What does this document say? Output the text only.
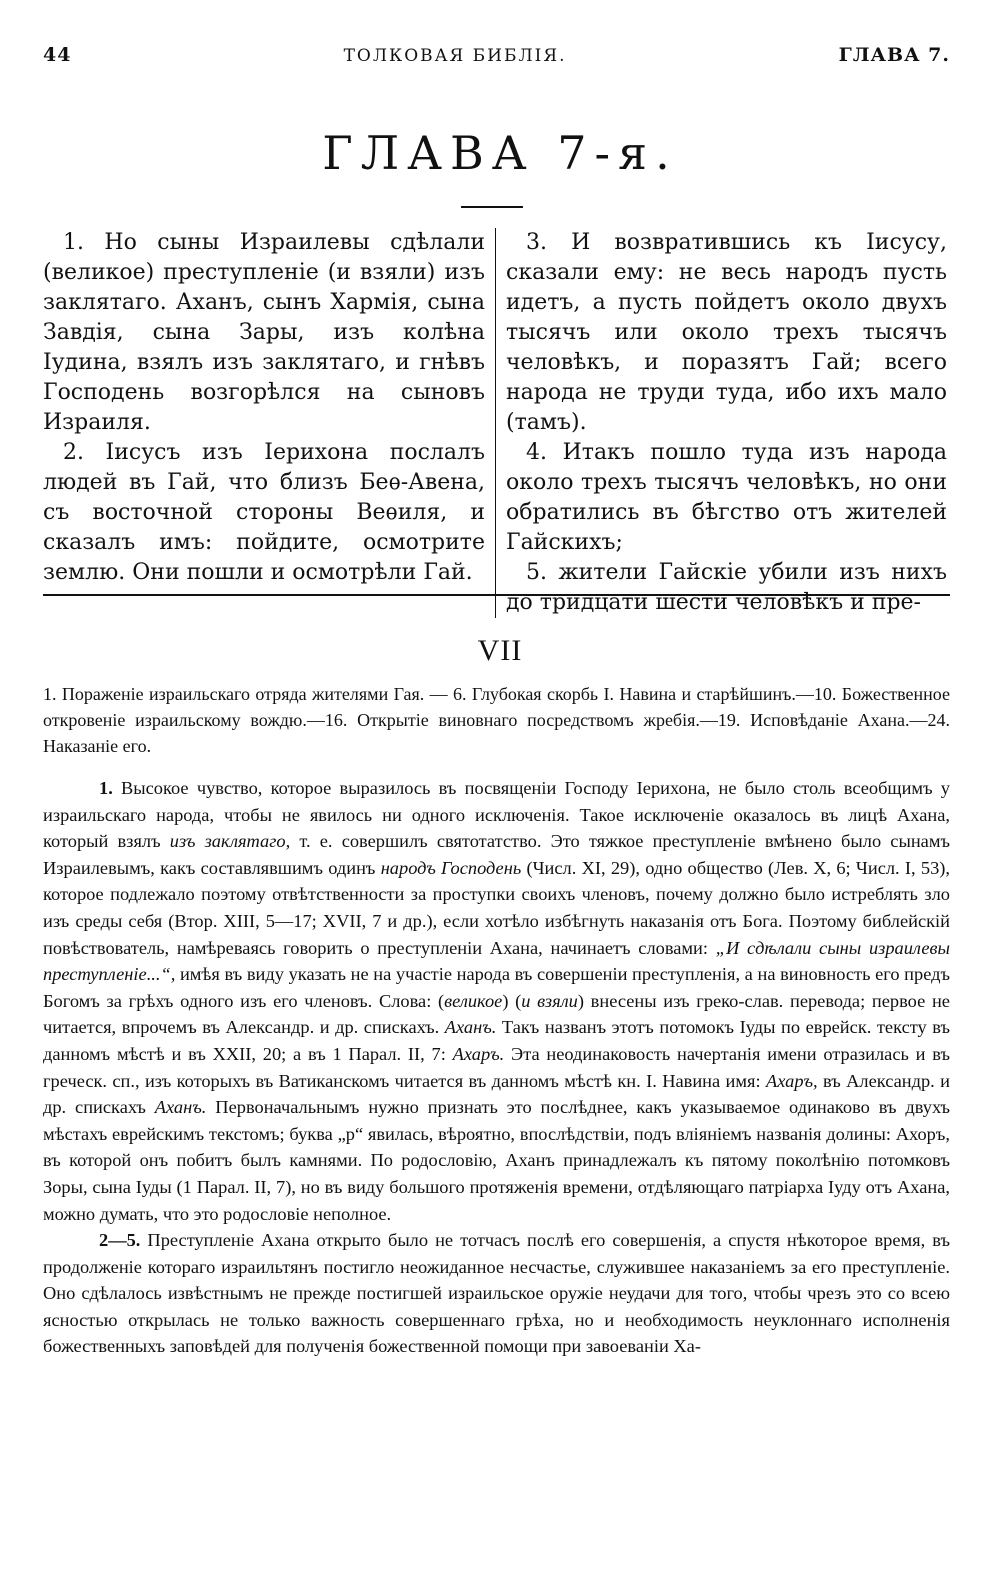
44	ТОЛКОВАЯ БИБЛІЯ.	ГЛАВА 7.
ГЛАВА 7-я.

1. Но сыны Израилевы сдѣлали (великое) преступленіе (и взяли) изъ заклятаго. Аханъ, сынъ Хармія, сына Завдія, сына Зары, изъ колѣна Іудина, взялъ изъ заклятаго, и гнѣвъ Господень возгорѣлся на сыновъ Израиля.

2. Іисусъ изъ Іерихона послалъ людей въ Гай, что близъ Беѳ-Авена, съ восточной стороны Веѳиля, и сказалъ имъ: пойдите, осмотрите землю. Они пошли и осмотрѣли Гай.

3. И возвратившись къ Іисусу, сказали ему: не весь народъ пусть идетъ, а пусть пойдетъ около двухъ тысячъ или около трехъ тысячъ человѣкъ, и поразятъ Гай; всего народа не труди туда, ибо ихъ мало (тамъ).

4. Итакъ пошло туда изъ народа около трехъ тысячъ человѣкъ, но они обратились въ бѣгство отъ жителей Гайскихъ;

5. жители Гайскіе убили изъ нихъ до тридцати шести человѣкъ и пре-

VII

1. Пораженіе израильскаго отряда жителями Гая. — 6. Глубокая скорбь І. Навина и старѣйшинъ.—10. Божественное откровеніе израильскому вождю.—16. Открытіе виновнаго посредствомъ жребія.—19. Исповѣданіе Ахана.—24. Наказаніе его.

1. Высокое чувство, которое выразилось въ посвященіи Господу Іерихона, не было столь всеобщимъ у израильскаго народа, чтобы не явилось ни одного исключенія. Такое исключеніе оказалось въ лицѣ Ахана, который взялъ изъ заклятаго, т. е. совершилъ святотатство. Это тяжкое преступленіе вмѣнено было сынамъ Израилевымъ, какъ составлявшимъ одинъ народъ Господень (Числ. XI, 29), одно общество (Лев. X, 6; Числ. I, 53), которое подлежало поэтому отвѣтственности за проступки своихъ членовъ, почему должно было истреблять зло изъ среды себя (Втор. XIII, 5—17; XVII, 7 и др.), если хотѣло избѣгнуть наказанія отъ Бога. Поэтому библейскій повѣствователь, намѣреваясь говорить о преступленіи Ахана, начинаетъ словами: „И сдѣлали сыны израилевы преступленіе...“, имѣя въ виду указать не на участіе народа въ совершеніи преступленія, а на виновность его предъ Богомъ за грѣхъ одного изъ его членовъ. Слова: (великое) (и взяли) внесены изъ греко-слав. перевода; первое не читается, впрочемъ въ Александр. и др. спискахъ. Аханъ. Такъ названъ этотъ потомокъ Іуды по еврейск. тексту въ данномъ мѣстѣ и въ XXII, 20; а въ 1 Парал. II, 7: Ахаръ. Эта неодинаковость начертанія имени отразилась и въ греческ. сп., изъ которыхъ въ Ватиканскомъ читается въ данномъ мѣстѣ кн. І. Навина имя: Ахаръ, въ Александр. и др. спискахъ Аханъ. Первоначальнымъ нужно признать это послѣднее, какъ указываемое одинаково въ двухъ мѣстахъ еврейскимъ текстомъ; буква „р“ явилась, вѣроятно, впослѣдствіи, подъ вліяніемъ названія долины: Ахоръ, въ которой онъ побитъ былъ камнями. По родословію, Аханъ принадлежалъ къ пятому поколѣнію потомковъ Зоры, сына Іуды (1 Парал. II, 7), но въ виду большого протяженія времени, отдѣляющаго патріарха Іуду отъ Ахана, можно думать, что это родословіе неполное.

2—5. Преступленіе Ахана открыто было не тотчасъ послѣ его совершенія, а спустя нѣкоторое время, въ продолженіе котораго израильтянъ постигло неожиданное несчастье, служившее наказаніемъ за его преступленіе. Оно сдѣлалось извѣстнымъ не прежде постигшей израильское оружіе неудачи для того, чтобы чрезъ это со всею ясностью открылась не только важность совершеннаго грѣха, но и необходимость неуклоннаго исполненія божественныхъ заповѣдей для полученія божественной помощи при завоеваніи Ха-
